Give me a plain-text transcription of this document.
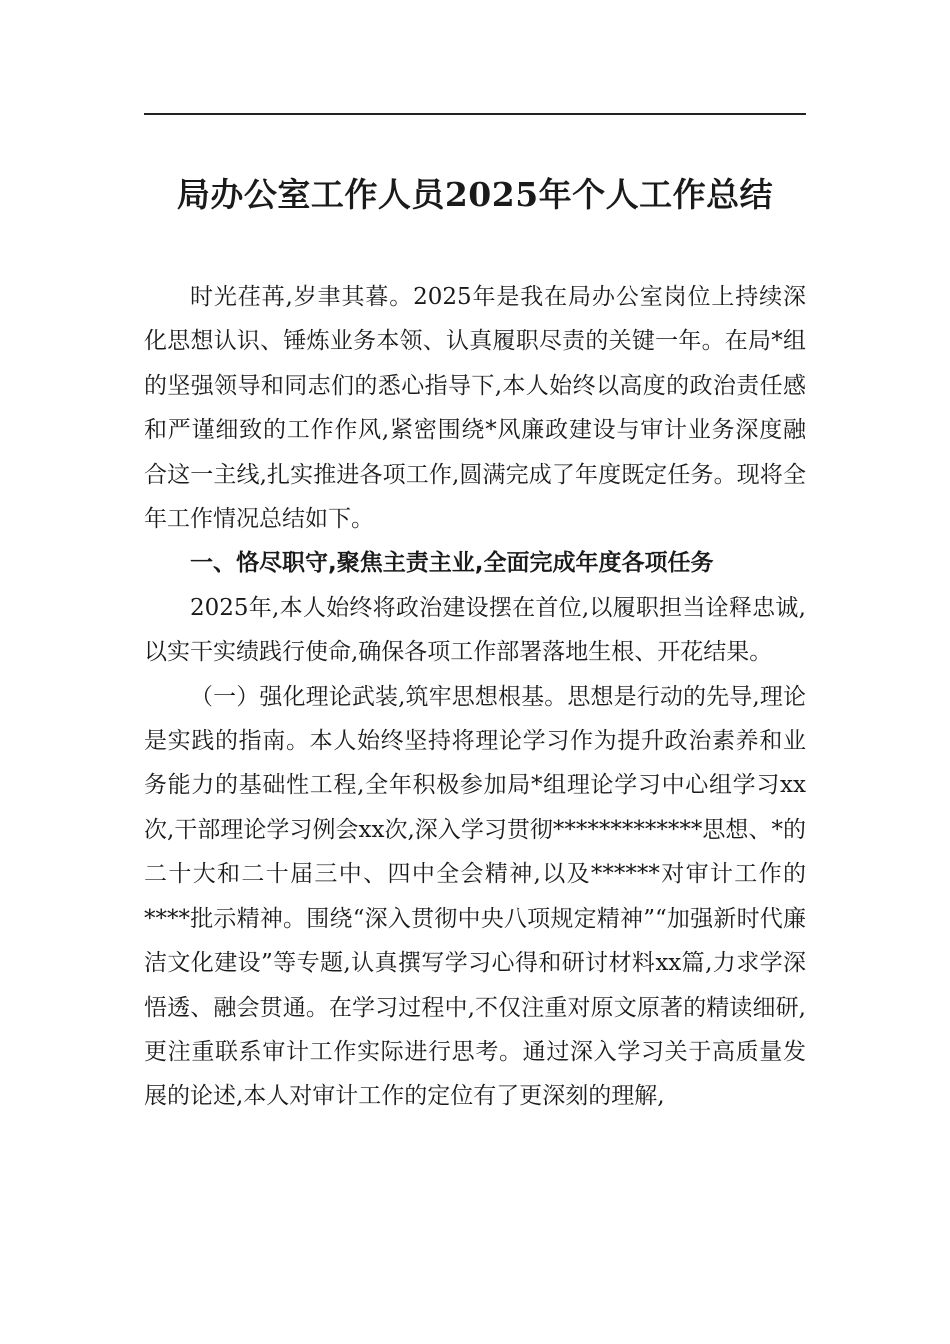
局办公室工作人员2025年个人工作总结

时光荏苒,岁聿其暮。2025年是我在局办公室岗位上持续深化思想认识、锤炼业务本领、认真履职尽责的关键一年。在局*组的坚强领导和同志们的悉心指导下,本人始终以高度的政治责任感和严谨细致的工作作风,紧密围绕*风廉政建设与审计业务深度融合这一主线,扎实推进各项工作,圆满完成了年度既定任务。现将全年工作情况总结如下。

一、恪尽职守,聚焦主责主业,全面完成年度各项任务

2025年,本人始终将政治建设摆在首位,以履职担当诠释忠诚,以实干实绩践行使命,确保各项工作部署落地生根、开花结果。

（一）强化理论武装,筑牢思想根基。思想是行动的先导,理论是实践的指南。本人始终坚持将理论学习作为提升政治素养和业务能力的基础性工程,全年积极参加局*组理论学习中心组学习xx次,干部理论学习例会xx次,深入学习贯彻*************思想、*的二十大和二十届三中、四中全会精神,以及******对审计工作的****批示精神。围绕“深入贯彻中央八项规定精神”“加强新时代廉洁文化建设”等专题,认真撰写学习心得和研讨材料xx篇,力求学深悟透、融会贯通。在学习过程中,不仅注重对原文原著的精读细研,更注重联系审计工作实际进行思考。通过深入学习关于高质量发展的论述,本人对审计工作的定位有了更深刻的理解,
